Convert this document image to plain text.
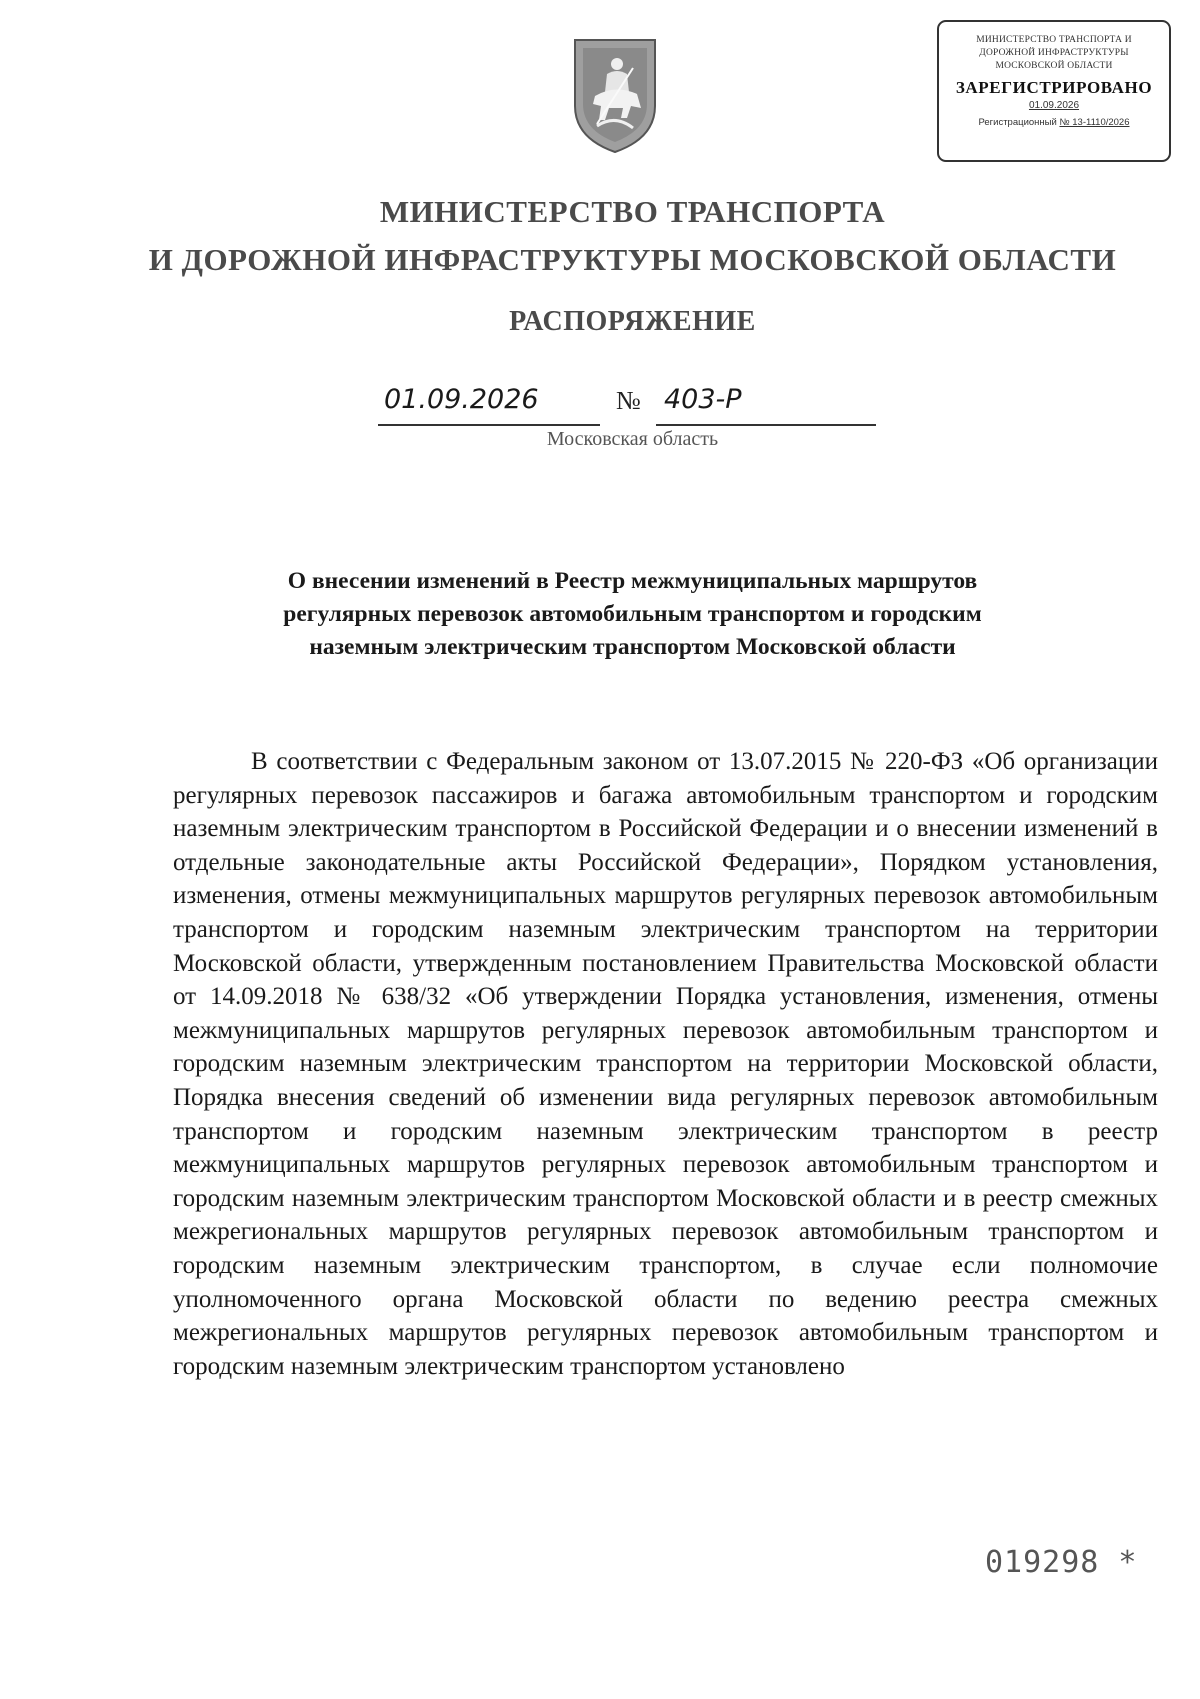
МИНИСТЕРСТВО ТРАНСПОРТА И
ДОРОЖНОЙ ИНФРАСТРУКТУРЫ
МОСКОВСКОЙ ОБЛАСТИ
ЗАРЕГИСТРИРОВАНО
01.09.2026
Регистрационный № 13-1110/2026
МИНИСТЕРСТВО ТРАНСПОРТА
И ДОРОЖНОЙ ИНФРАСТРУКТУРЫ МОСКОВСКОЙ ОБЛАСТИ
РАСПОРЯЖЕНИЕ
01.09.2026	№ 403-Р
Московская область
О внесении изменений в Реестр межмуниципальных маршрутов
регулярных перевозок автомобильным транспортом и городским
наземным электрическим транспортом Московской области

В соответствии с Федеральным законом от 13.07.2015 № 220-ФЗ «Об организации регулярных перевозок пассажиров и багажа автомобильным транспортом и городским наземным электрическим транспортом в Российской Федерации и о внесении изменений в отдельные законодательные акты Российской Федерации», Порядком установления, изменения, отмены межмуниципальных маршрутов регулярных перевозок автомобильным транспортом и городским наземным электрическим транспортом на территории Московской области, утвержденным постановлением Правительства Московской области от 14.09.2018 № 638/32 «Об утверждении Порядка установления, изменения, отмены межмуниципальных маршрутов регулярных перевозок автомобильным транспортом и городским наземным электрическим транспортом на территории Московской области, Порядка внесения сведений об изменении вида регулярных перевозок автомобильным транспортом и городским наземным электрическим транспортом в реестр межмуниципальных маршрутов регулярных перевозок автомобильным транспортом и городским наземным электрическим транспортом Московской области и в реестр смежных межрегиональных маршрутов регулярных перевозок автомобильным транспортом и городским наземным электрическим транспортом, в случае если полномочие уполномоченного органа Московской области по ведению реестра смежных межрегиональных маршрутов регулярных перевозок автомобильным транспортом и городским наземным электрическим транспортом установлено

019298 *
